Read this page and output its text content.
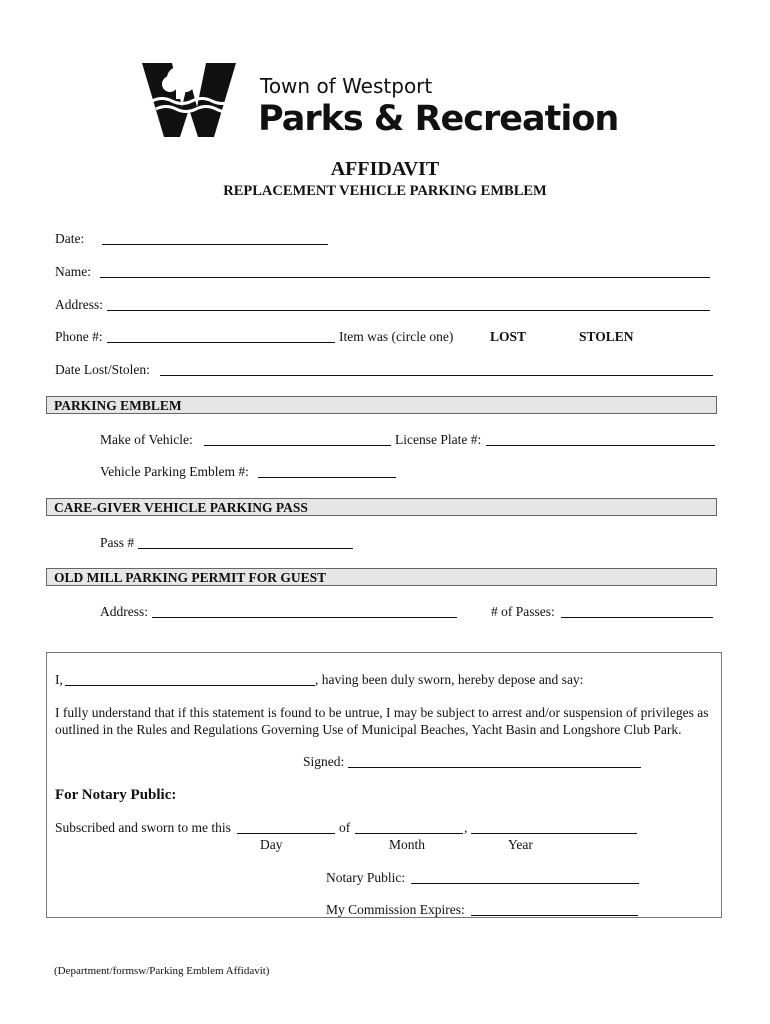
Town of Westport
Parks & Recreation
AFFIDAVIT
REPLACEMENT VEHICLE PARKING EMBLEM
Date:
Name:
Address:
Phone #:	Item was (circle one)	LOST	STOLEN
Date Lost/Stolen:
PARKING EMBLEM
Make of Vehicle:	License Plate #:
Vehicle Parking Emblem #:
CARE-GIVER VEHICLE PARKING PASS
Pass #
OLD MILL PARKING PERMIT FOR GUEST
Address:	# of Passes:
I,	, having been duly sworn, hereby depose and say:
I fully understand that if this statement is found to be untrue, I may be subject to arrest and/or suspension of privileges as outlined in the Rules and Regulations Governing Use of Municipal Beaches, Yacht Basin and Longshore Club Park.
Signed:
For Notary Public:
Subscribed and sworn to me this	of	,
Day	Month	Year
Notary Public:
My Commission Expires:
(Department/formsw/Parking Emblem Affidavit)
